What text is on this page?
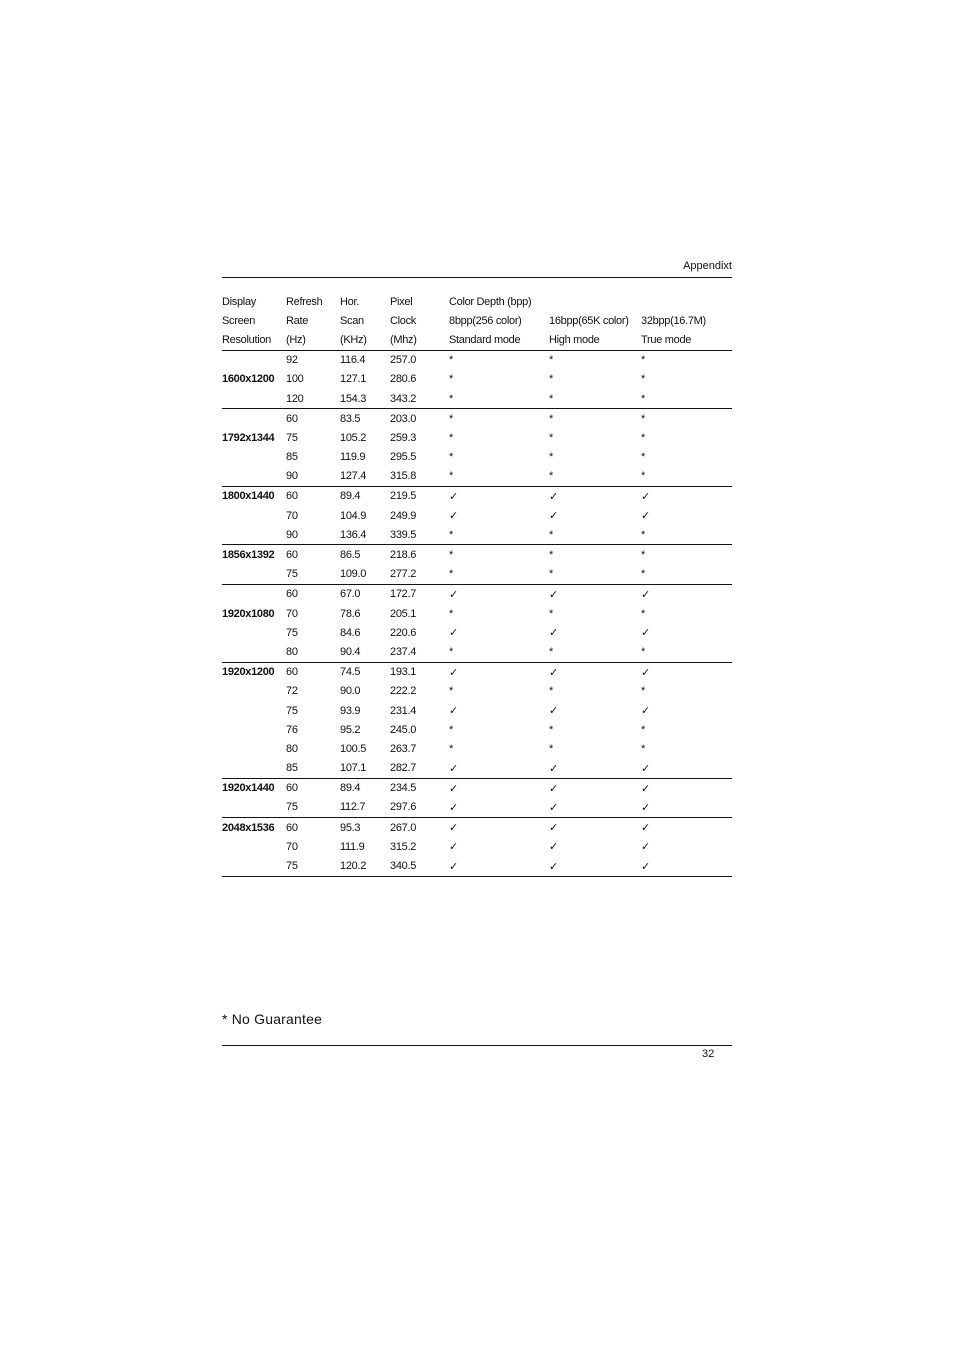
Appendixt
Display	Refresh	Hor.	Pixel	Color Depth (bpp)		
Screen	Rate	Scan	Clock	8bpp(256 color)	16bpp(65K color)	32bpp(16.7M)
Resolution	(Hz)	(KHz)	(Mhz)	Standard mode	High mode	True mode
	92	116.4	257.0	*	*	*
1600x1200	100	127.1	280.6	*	*	*
	120	154.3	343.2	*	*	*
	60	83.5	203.0	*	*	*
1792x1344	75	105.2	259.3	*	*	*
	85	119.9	295.5	*	*	*
	90	127.4	315.8	*	*	*
1800x1440	60	89.4	219.5	✓	✓	✓
	70	104.9	249.9	✓	✓	✓
	90	136.4	339.5	*	*	*
1856x1392	60	86.5	218.6	*	*	*
	75	109.0	277.2	*	*	*
	60	67.0	172.7	✓	✓	✓
1920x1080	70	78.6	205.1	*	*	*
	75	84.6	220.6	✓	✓	✓
	80	90.4	237.4	*	*	*
1920x1200	60	74.5	193.1	✓	✓	✓
	72	90.0	222.2	*	*	*
	75	93.9	231.4	✓	✓	✓
	76	95.2	245.0	*	*	*
	80	100.5	263.7	*	*	*
	85	107.1	282.7	✓	✓	✓
1920x1440	60	89.4	234.5	✓	✓	✓
	75	112.7	297.6	✓	✓	✓
2048x1536	60	95.3	267.0	✓	✓	✓
	70	111.9	315.2	✓	✓	✓
	75	120.2	340.5	✓	✓	✓
* No Guarantee
32
